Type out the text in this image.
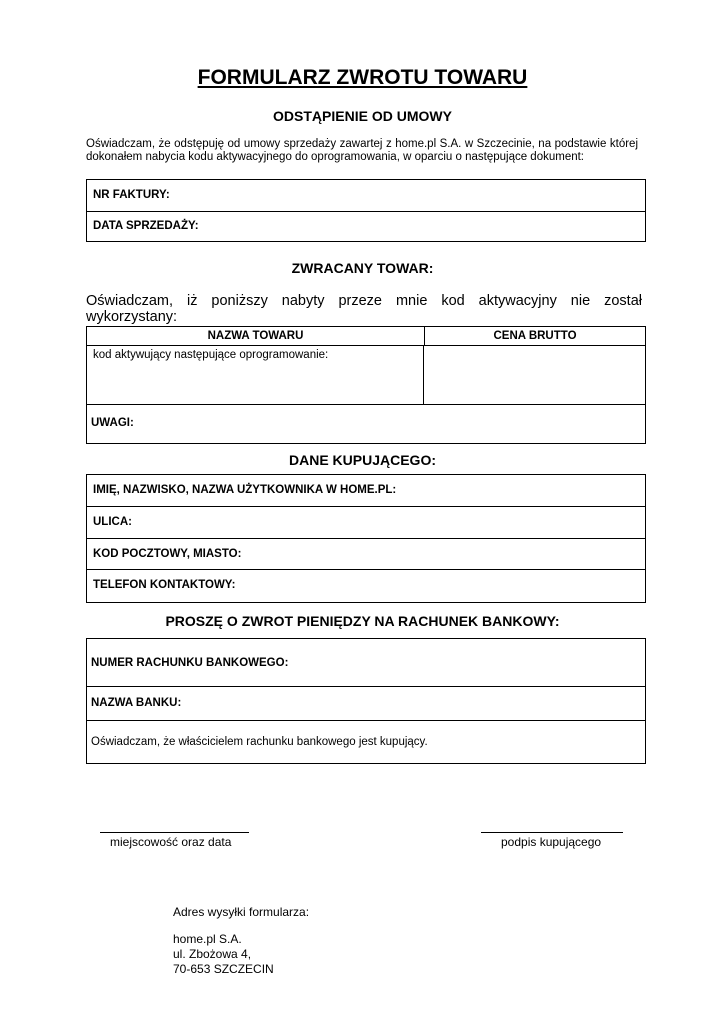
FORMULARZ ZWROTU TOWARU
ODSTĄPIENIE OD UMOWY
Oświadczam, że odstępuję od umowy sprzedaży zawartej z home.pl S.A. w Szczecinie, na podstawie której dokonałem nabycia kodu aktywacyjnego do oprogramowania, w oparciu o następujące dokument:
NR FAKTURY:
DATA SPRZEDAŻY:
ZWRACANY TOWAR:
Oświadczam, iż poniższy nabyty przeze mnie kod aktywacyjny nie został wykorzystany:
NAZWA TOWARU	CENA BRUTTO
kod aktywujący następujące oprogramowanie:
UWAGI:
DANE KUPUJĄCEGO:
IMIĘ, NAZWISKO, NAZWA UŻYTKOWNIKA W HOME.PL:
ULICA:
KOD POCZTOWY, MIASTO:
TELEFON KONTAKTOWY:
PROSZĘ O ZWROT PIENIĘDZY NA RACHUNEK BANKOWY:
NUMER RACHUNKU BANKOWEGO:
NAZWA BANKU:
Oświadczam, że właścicielem rachunku bankowego jest kupujący.
miejscowość oraz data	podpis kupującego
Adres wysyłki formularza:
home.pl S.A.
ul. Zbożowa 4,
70-653 SZCZECIN
